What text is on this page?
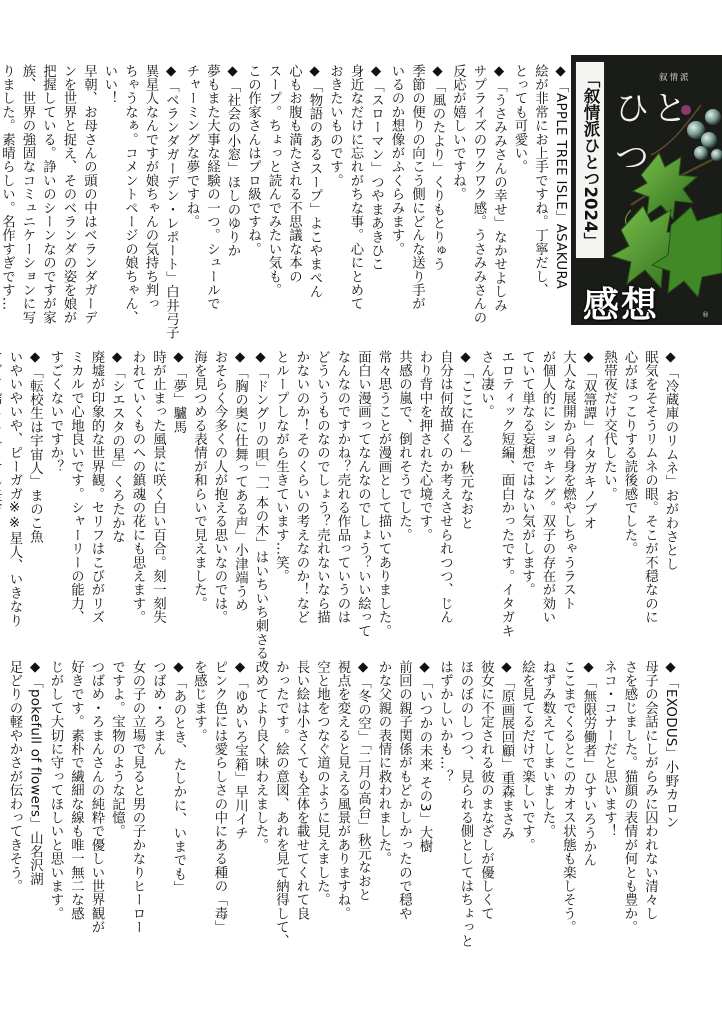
◆「APPLE TREE ISLE」ASAKURA

絵が非常にお上手ですね。丁寧だし、

とっても可愛い。

◆「うさみみさんの幸せ」なかせよしみ

サプライズのワクワク感。うさみみさんの

反応が嬉しいですね。

◆「風のたより」くりもとりゅう

季節の便りの向こう側にどんな送り手が

いるのか想像がふくらみます。

◆「スローマン」つやまあきひこ

身近なだけに忘れがちな事。心にとめて

おきたいものです。

◆「物語のあるスープ」よこやまぺん

心もお腹も満たされる不思議な本の

スープ。ちょっと読んでみたい気も。

この作家さんはプロ級ですね。

◆「社会の小窓」ほしのゆりか

夢もまた大事な経験の一つ。シュールで

チャーミングな夢ですね。

◆「ベランダガーデン・レポート」白井弓子

異星人なんですが娘ちゃんの気持ち判っ

ちゃうなぁ。コメントページの娘ちゃん、

いい！

早朝、お母さんの頭の中はベランダガーデ

ンを世界と捉え、そのベランダの姿を娘が

把握している。諍いのシーンなのですが家

族、世界の強固なコミュニケーションに写

りました。素晴らしい。名作すぎです…

◆「冷蔵庫のリムネ」おがわさとし

眠気をそそうリムネの眼。そこが不穏なのに

心がほっこりする読後感でした。

熱帯夜だけ交代したい。

◆「双箒譚」イタガキノブオ

大人な展開から骨身を燃やしちゃうラスト

が個人的にショッキング。双子の存在が効い

ていて単なる妄想ではない気がします。

エロティック短編、面白かったです。イタガキ

さん凄い。

◆「ここに在る」秋元なおと

自分は何故描くのか考えさせられつつ、じん

わり背中を押された心境です。

共感の嵐で、倒れそうでした。

常々思うことが漫画として描いてありました。

面白い漫画ってなんなのでしょう？いい絵って

なんなのですかね？売れる作品っていうのは

どういうものなのでしょう？売れないなら描

かないのか！そのくらいの考えなのか！など

とループしながら生きています…笑。

◆「ドングリの唄」「一本の木」はいちいち刺さる。

◆「胸の奥に仕舞ってある声」小津端うめ

おそらく今多くの人が抱える思いなのでは。

海を見つめる表情が和らいで見えました。

◆「夢」驢馬

時が止まった風景に咲く白い百合。刻一刻失

われていくものへの鎮魂の花にも思えます。

◆「シエスタの星」くろたかな

廃墟が印象的な世界観。セリフはこびがリズ

ミカルで心地良いです。シャーリーの能力、

すごくないですか？

◆「転校生は宇宙人」まのこ魚

いやいやいや、ピーガガ※※星人、いきなり

◆「EXODUS」小野カロン

母子の会話にしがらみに囚われない清々し

さを感じました。猫顔の表情が何とも豊か。

ネコ・コナーだと思います！

◆「無限労働者」ひすいろうかん

ここまでくるとこのカオス状態も楽しそう。

ねずみ数えてしまいました。

絵を見てるだけで楽しいです。

◆「原画展回顧」重森まさみ

彼女に不定される彼のまなざしが優しくて

ほのぼのしつつ、見られる側としてはちょっと

はずかしいかも…？

◆「いつかの未来 その3」大樹

前回の親子関係がもどかしかったので穏や

かな父親の表情に救われました。

◆「冬の空」「二月の高台」秋元なおと

視点を変えると見える風景がありますね。

空と地をつなぐ道のように見えました。

長い絵は小さくても全体を載せてくれて良

かったです。絵の意図、あれを見て納得して、

改めてより良く味わえました。

◆「ゆめいろ宝箱」早川イチ

ピンク色には愛らしさの中にある種の「毒」

を感じます。

◆「あのとき、たしかに、いまでも」

つばめ・ろまん

女の子の立場で見ると男の子かなりヒーロー

ですよ。宝物のような記憶。

つばめ・ろまんさんの純粋で優しい世界観が

好きです。素朴で繊細な線も唯一無二な感

じがして大切に守ってほしいと思います。

◆「pokefull of flowers」山名沢湖

足どりの軽やかさが伝わってきそう。

「叙情派ひとつ2024」	叙情派
ひとつ
感想	®
